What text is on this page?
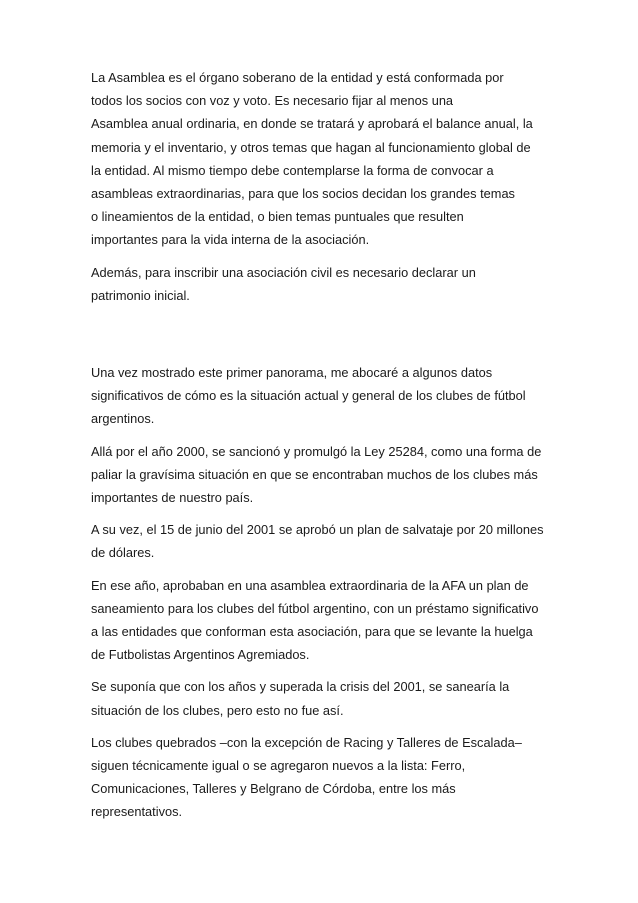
La Asamblea es el órgano soberano de la entidad y está conformada por
todos los socios con voz y voto. Es necesario fijar al menos una
Asamblea anual ordinaria, en donde se tratará y aprobará el balance anual, la
memoria y el inventario, y otros temas que hagan al funcionamiento global de
la entidad. Al mismo tiempo debe contemplarse la forma de convocar a
asambleas extraordinarias, para que los socios decidan los grandes temas
o lineamientos de la entidad, o bien temas puntuales que resulten
importantes para la vida interna de la asociación.

Además, para inscribir una asociación civil es necesario declarar un
patrimonio inicial.

Una vez mostrado este primer panorama, me abocaré a algunos datos
significativos de cómo es la situación actual y general de los clubes de fútbol
argentinos.

Allá por el año 2000, se sancionó y promulgó la Ley 25284, como una forma de
paliar la gravísima situación en que se encontraban muchos de los clubes más
importantes de nuestro país.

A su vez, el 15 de junio del 2001 se aprobó un plan de salvataje por 20 millones
de dólares.

En ese año, aprobaban en una asamblea extraordinaria de la AFA un plan de
saneamiento para los clubes del fútbol argentino, con un préstamo significativo
a las entidades que conforman esta asociación, para que se levante la huelga
de Futbolistas Argentinos Agremiados.

Se suponía que con los años y superada la crisis del 2001, se sanearía la
situación de los clubes, pero esto no fue así.

Los clubes quebrados –con la excepción de Racing y Talleres de Escalada–
siguen técnicamente igual o se agregaron nuevos a la lista: Ferro,
Comunicaciones, Talleres y Belgrano de Córdoba, entre los más
representativos.
